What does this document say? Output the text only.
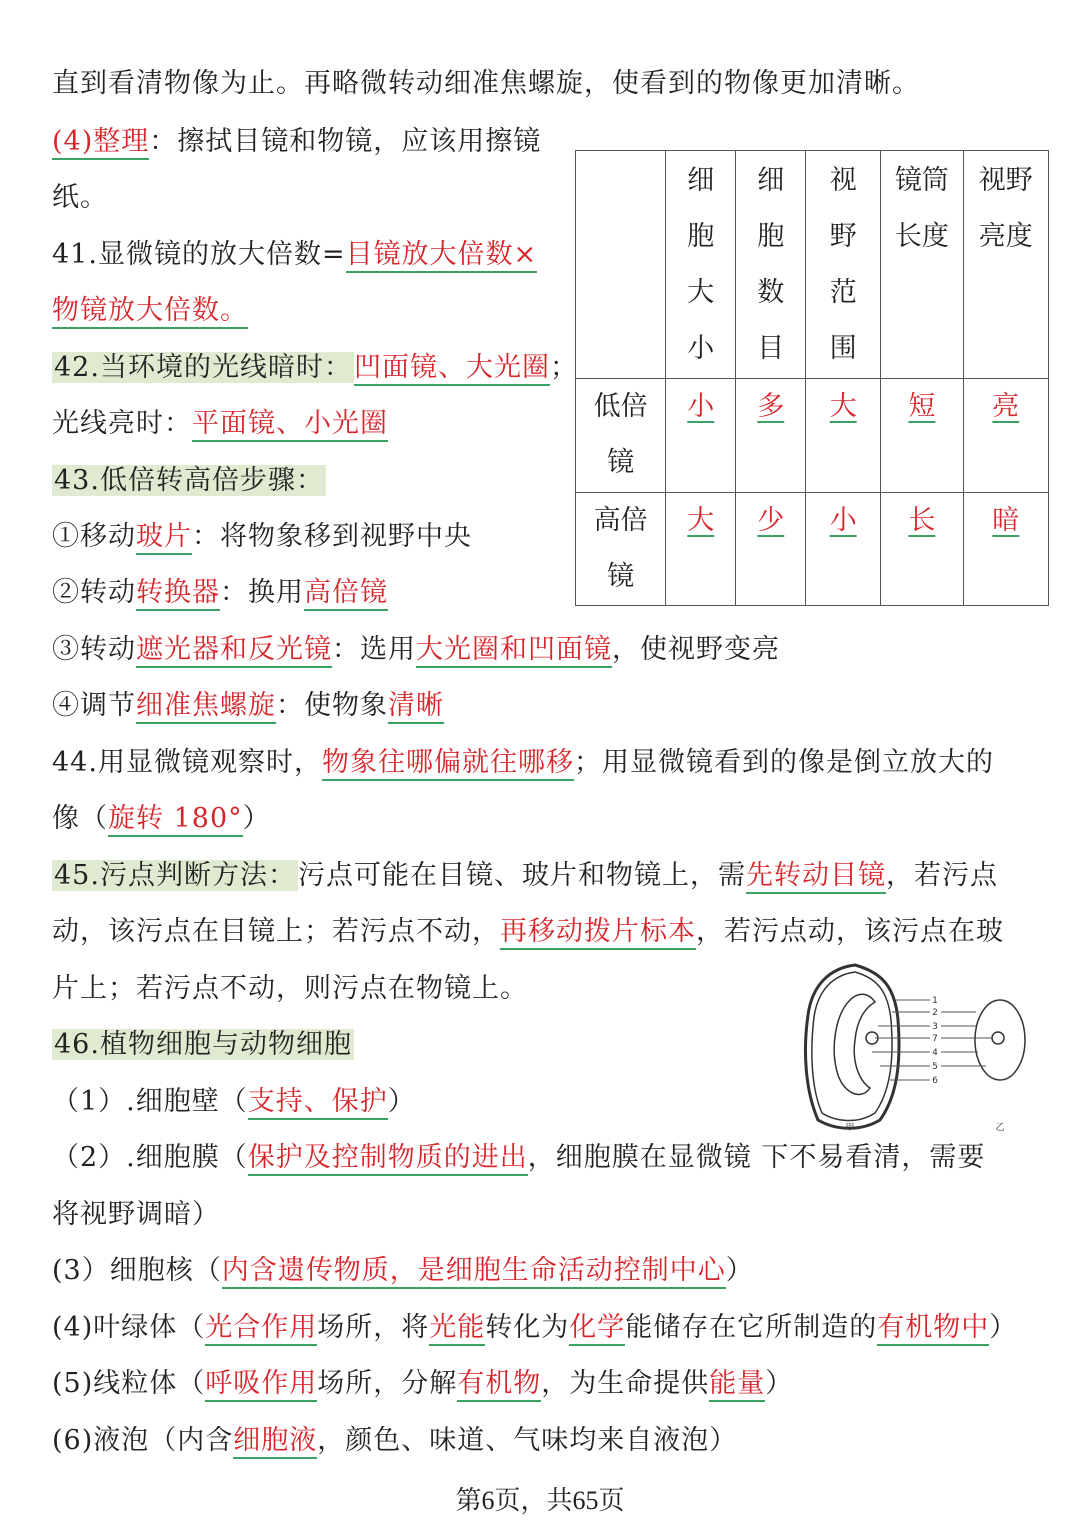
直到看清物像为止。再略微转动细准焦螺旋，使看到的物像更加清晰。
(4)整理：擦拭目镜和物镜，应该用擦镜
纸。
41.显微镜的放大倍数=目镜放大倍数×
物镜放大倍数。
42.当环境的光线暗时：凹面镜、大光圈；
光线亮时：平面镜、小光圈
43.低倍转高倍步骤：
①移动玻片：将物象移到视野中央
②转动转换器：换用高倍镜
③转动遮光器和反光镜：选用大光圈和凹面镜，使视野变亮
④调节细准焦螺旋：使物象清晰
44.用显微镜观察时，物象往哪偏就往哪移；用显微镜看到的像是倒立放大的
像（旋转 180°）
45.污点判断方法：污点可能在目镜、玻片和物镜上，需先转动目镜，若污点
动，该污点在目镜上；若污点不动，再移动拨片标本，若污点动，该污点在玻
片上；若污点不动，则污点在物镜上。
46.植物细胞与动物细胞
（1）.细胞壁（支持、保护）
（2）.细胞膜（保护及控制物质的进出，细胞膜在显微镜 下不易看清，需要
将视野调暗）
(3）细胞核（内含遗传物质，是细胞生命活动控制中心）
(4)叶绿体（光合作用场所，将光能转化为化学能储存在它所制造的有机物中）
(5)线粒体（呼吸作用场所，分解有机物，为生命提供能量）
(6)液泡（内含细胞液，颜色、味道、气味均来自液泡）

	细胞大小	细胞数目	视野范围	镜筒长度	视野亮度

低倍镜	小	多	大	短	亮

高倍镜	大	少	小	长	暗
1
2
3
7
4
5
6
甲	乙
第6页，共65页
